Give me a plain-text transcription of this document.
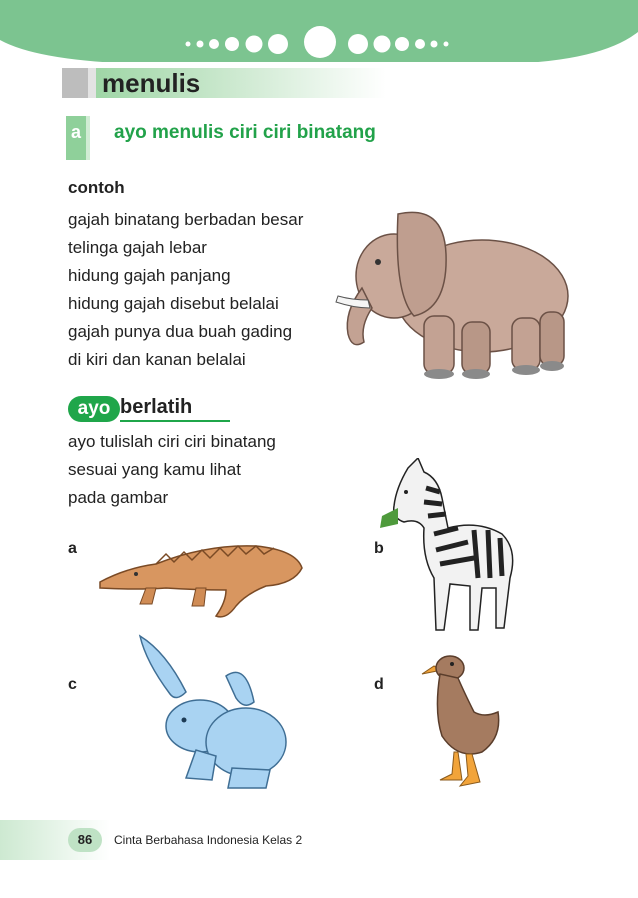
menulis
a ayo menulis ciri ciri binatang
contoh
gajah binatang berbadan besar
telinga gajah lebar
hidung gajah panjang
hidung gajah disebut belalai
gajah punya dua buah gading
di kiri dan kanan belalai
ayo berlatih
ayo tulislah ciri ciri binatang
sesuai yang kamu lihat
pada gambar
a	b
c	d
86	Cinta Berbahasa Indonesia Kelas 2
